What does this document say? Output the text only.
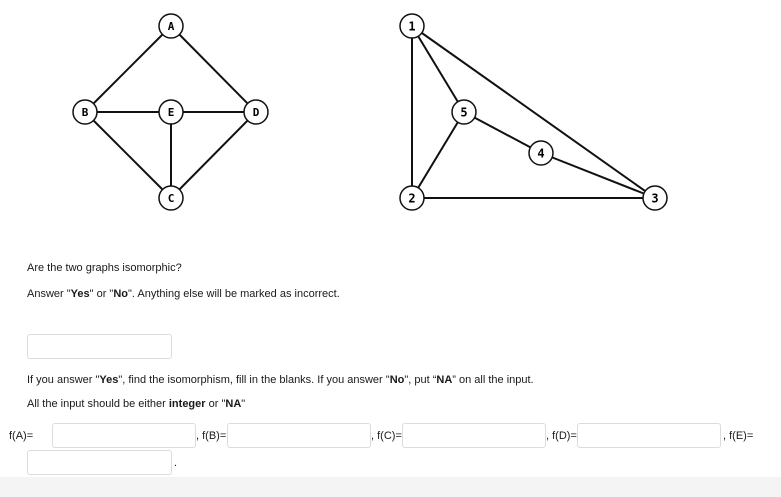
A
B	E	D
C
1
5
4
2	3
Are the two graphs isomorphic?
Answer "Yes" or "No". Anything else will be marked as incorrect.
If you answer "Yes", find the isomorphism, fill in the blanks. If you answer "No", put “NA” on all the input.
All the input should be either integer or "NA"
f(A)=	, f(B)=	, f(C)=	, f(D)=	, f(E)=
.
